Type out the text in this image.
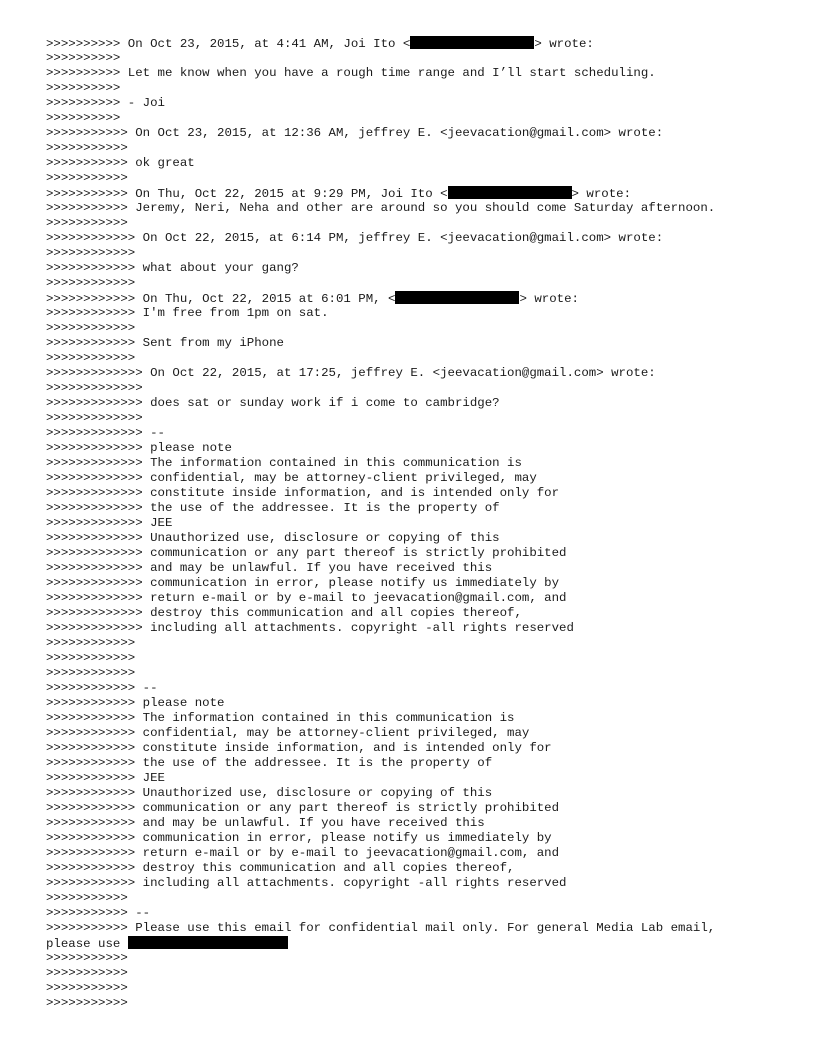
>>>>>>>>>> On Oct 23, 2015, at 4:41 AM, Joi Ito <	> wrote:
>>>>>>>>>>
>>>>>>>>>> Let me know when you have a rough time range and I’ll start scheduling.
>>>>>>>>>>
>>>>>>>>>> - Joi
>>>>>>>>>>
>>>>>>>>>>> On Oct 23, 2015, at 12:36 AM, jeffrey E. <jeevacation@gmail.com> wrote:
>>>>>>>>>>>
>>>>>>>>>>> ok great
>>>>>>>>>>>
>>>>>>>>>>> On Thu, Oct 22, 2015 at 9:29 PM, Joi Ito <	> wrote:
>>>>>>>>>>> Jeremy, Neri, Neha and other are around so you should come Saturday afternoon.
>>>>>>>>>>>
>>>>>>>>>>>> On Oct 22, 2015, at 6:14 PM, jeffrey E. <jeevacation@gmail.com> wrote:
>>>>>>>>>>>>
>>>>>>>>>>>> what about your gang?
>>>>>>>>>>>>
>>>>>>>>>>>> On Thu, Oct 22, 2015 at 6:01 PM, <	> wrote:
>>>>>>>>>>>> I'm free from 1pm on sat.
>>>>>>>>>>>>
>>>>>>>>>>>> Sent from my iPhone
>>>>>>>>>>>>
>>>>>>>>>>>>> On Oct 22, 2015, at 17:25, jeffrey E. <jeevacation@gmail.com> wrote:
>>>>>>>>>>>>>
>>>>>>>>>>>>> does sat or sunday work if i come to cambridge?
>>>>>>>>>>>>>
>>>>>>>>>>>>> --
>>>>>>>>>>>>> please note
>>>>>>>>>>>>> The information contained in this communication is
>>>>>>>>>>>>> confidential, may be attorney-client privileged, may
>>>>>>>>>>>>> constitute inside information, and is intended only for
>>>>>>>>>>>>> the use of the addressee. It is the property of
>>>>>>>>>>>>> JEE
>>>>>>>>>>>>> Unauthorized use, disclosure or copying of this
>>>>>>>>>>>>> communication or any part thereof is strictly prohibited
>>>>>>>>>>>>> and may be unlawful. If you have received this
>>>>>>>>>>>>> communication in error, please notify us immediately by
>>>>>>>>>>>>> return e-mail or by e-mail to jeevacation@gmail.com, and
>>>>>>>>>>>>> destroy this communication and all copies thereof,
>>>>>>>>>>>>> including all attachments. copyright -all rights reserved
>>>>>>>>>>>>
>>>>>>>>>>>>
>>>>>>>>>>>>
>>>>>>>>>>>> --
>>>>>>>>>>>> please note
>>>>>>>>>>>> The information contained in this communication is
>>>>>>>>>>>> confidential, may be attorney-client privileged, may
>>>>>>>>>>>> constitute inside information, and is intended only for
>>>>>>>>>>>> the use of the addressee. It is the property of
>>>>>>>>>>>> JEE
>>>>>>>>>>>> Unauthorized use, disclosure or copying of this
>>>>>>>>>>>> communication or any part thereof is strictly prohibited
>>>>>>>>>>>> and may be unlawful. If you have received this
>>>>>>>>>>>> communication in error, please notify us immediately by
>>>>>>>>>>>> return e-mail or by e-mail to jeevacation@gmail.com, and
>>>>>>>>>>>> destroy this communication and all copies thereof,
>>>>>>>>>>>> including all attachments. copyright -all rights reserved
>>>>>>>>>>>
>>>>>>>>>>> --
>>>>>>>>>>> Please use this email for confidential mail only. For general Media Lab email,
please use
>>>>>>>>>>>
>>>>>>>>>>>
>>>>>>>>>>>
>>>>>>>>>>>
